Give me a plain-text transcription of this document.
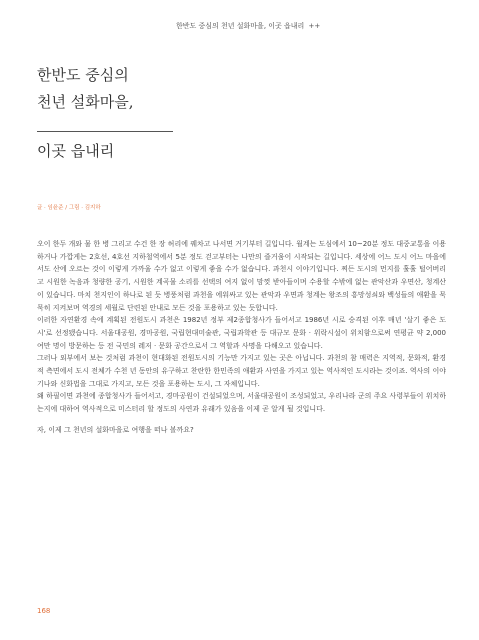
한반도 중심의 천년 설화마을, 이곳 읍내리 ++
한반도 중심의
천년 설화마을,
이곳 읍내리
글 · 임윤준 / 그림 · 김지하

오이 한두 개와 물 한 병 그리고 수건 한 장 허리에 꿰차고 나서면 거기부터 길입니다. 월계는 도심에서 10~20분 정도 대중교통을 이용하거나 가깝게는 2호선, 4호선 지하철역에서 5분 정도 걷고부터는 나만의 즐거움이 시작되는 길입니다. 세상에 어느 도시 어느 마을에서도 산에 오르는 것이 이렇게 가까울 수가 없고 이렇게 좋을 수가 없습니다. 과천시 이야기입니다. 찌든 도시의 먼지를 훌훌 털어버리고 시원한 녹음과 청량한 공기, 시원한 계곡물 소리를 선택의 여지 없이 맘껏 받아들이며 수용할 수밖에 없는 관악산과 우면산, 청계산이 있습니다. 마치 천지인이 하나로 된 듯 병풍처럼 과천을 에워싸고 있는 관악과 우면과 청계는 왕조의 흥망성쇠와 백성들의 애환을 묵묵히 지켜보며 역경의 세월로 단련된 안내로 모든 것을 포용하고 있는 듯합니다.

이러한 자연환경 속에 계획된 전원도시 과천은 1982년 정부 제2종합청사가 들어서고 1986년 시로 승격된 이후 매년 '살기 좋은 도시'로 선정됐습니다. 서울대공원, 경마공원, 국립현대미술관, 국립과학관 등 대규모 문화 · 위락시설이 위치함으로써 연평균 약 2,000여만 명이 방문하는 등 전 국민의 레저 · 문화 공간으로서 그 역할과 사명을 다해오고 있습니다.

그러나 외부에서 보는 것처럼 과천이 현대화된 전원도시의 기능만 가지고 있는 곳은 아닙니다. 과천의 참 매력은 지역적, 문화적, 환경적 측면에서 도시 전체가 수천 년 동안의 유구하고 찬란한 한민족의 애환과 사연을 가지고 있는 역사적인 도시라는 것이죠. 역사의 이야기나와 신화법을 그대로 가지고, 모든 것을 포용하는 도시, 그 자체입니다.

왜 하필이면 과천에 종합청사가 들어서고, 경마공원이 건설되었으며, 서울대공원이 조성되었고, 우리나라 군의 주요 사령부들이 위치하는지에 대하여 역사적으로 미스터리 할 정도의 사연과 유래가 있음을 이제 곧 알게 될 것입니다.

자, 이제 그 천년의 설화마을로 여행을 떠나 볼까요?

168
